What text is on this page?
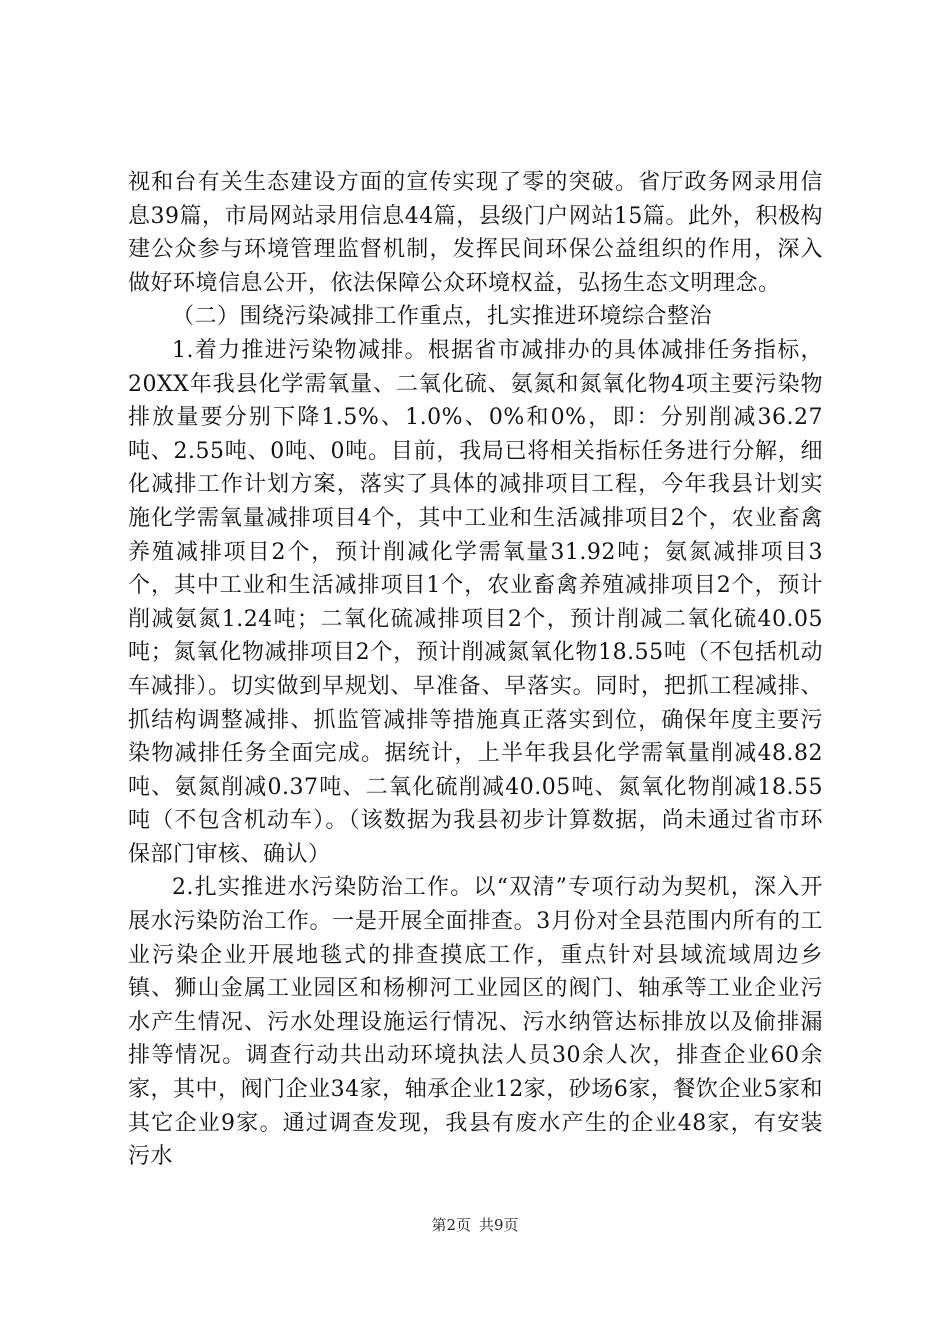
视和台有关生态建设方面的宣传实现了零的突破。省厅政务网录用信息39篇，市局网站录用信息44篇，县级门户网站15篇。此外，积极构建公众参与环境管理监督机制，发挥民间环保公益组织的作用，深入做好环境信息公开，依法保障公众环境权益，弘扬生态文明理念。

（二）围绕污染减排工作重点，扎实推进环境综合整治

1.着力推进污染物减排。根据省市减排办的具体减排任务指标，20XX年我县化学需氧量、二氧化硫、氨氮和氮氧化物4项主要污染物排放量要分别下降1.5%、1.0%、0%和0%，即：分别削减36.27吨、2.55吨、0吨、0吨。目前，我局已将相关指标任务进行分解，细化减排工作计划方案，落实了具体的减排项目工程，今年我县计划实施化学需氧量减排项目4个，其中工业和生活减排项目2个，农业畜禽养殖减排项目2个，预计削减化学需氧量31.92吨；氨氮减排项目3个，其中工业和生活减排项目1个，农业畜禽养殖减排项目2个，预计削减氨氮1.24吨；二氧化硫减排项目2个，预计削减二氧化硫40.05吨；氮氧化物减排项目2个，预计削减氮氧化物18.55吨（不包括机动车减排）。切实做到早规划、早准备、早落实。同时，把抓工程减排、抓结构调整减排、抓监管减排等措施真正落实到位，确保年度主要污染物减排任务全面完成。据统计，上半年我县化学需氧量削减48.82吨、氨氮削减0.37吨、二氧化硫削减40.05吨、氮氧化物削减18.55吨（不包含机动车）。（该数据为我县初步计算数据，尚未通过省市环保部门审核、确认）

2.扎实推进水污染防治工作。以“双清”专项行动为契机，深入开展水污染防治工作。一是开展全面排查。3月份对全县范围内所有的工业污染企业开展地毯式的排查摸底工作，重点针对县域流域周边乡镇、狮山金属工业园区和杨柳河工业园区的阀门、轴承等工业企业污水产生情况、污水处理设施运行情况、污水纳管达标排放以及偷排漏排等情况。调查行动共出动环境执法人员30余人次，排查企业60余家，其中，阀门企业34家，轴承企业12家，砂场6家，餐饮企业5家和其它企业9家。通过调查发现，我县有废水产生的企业48家，有安装污水

第2页 共9页
